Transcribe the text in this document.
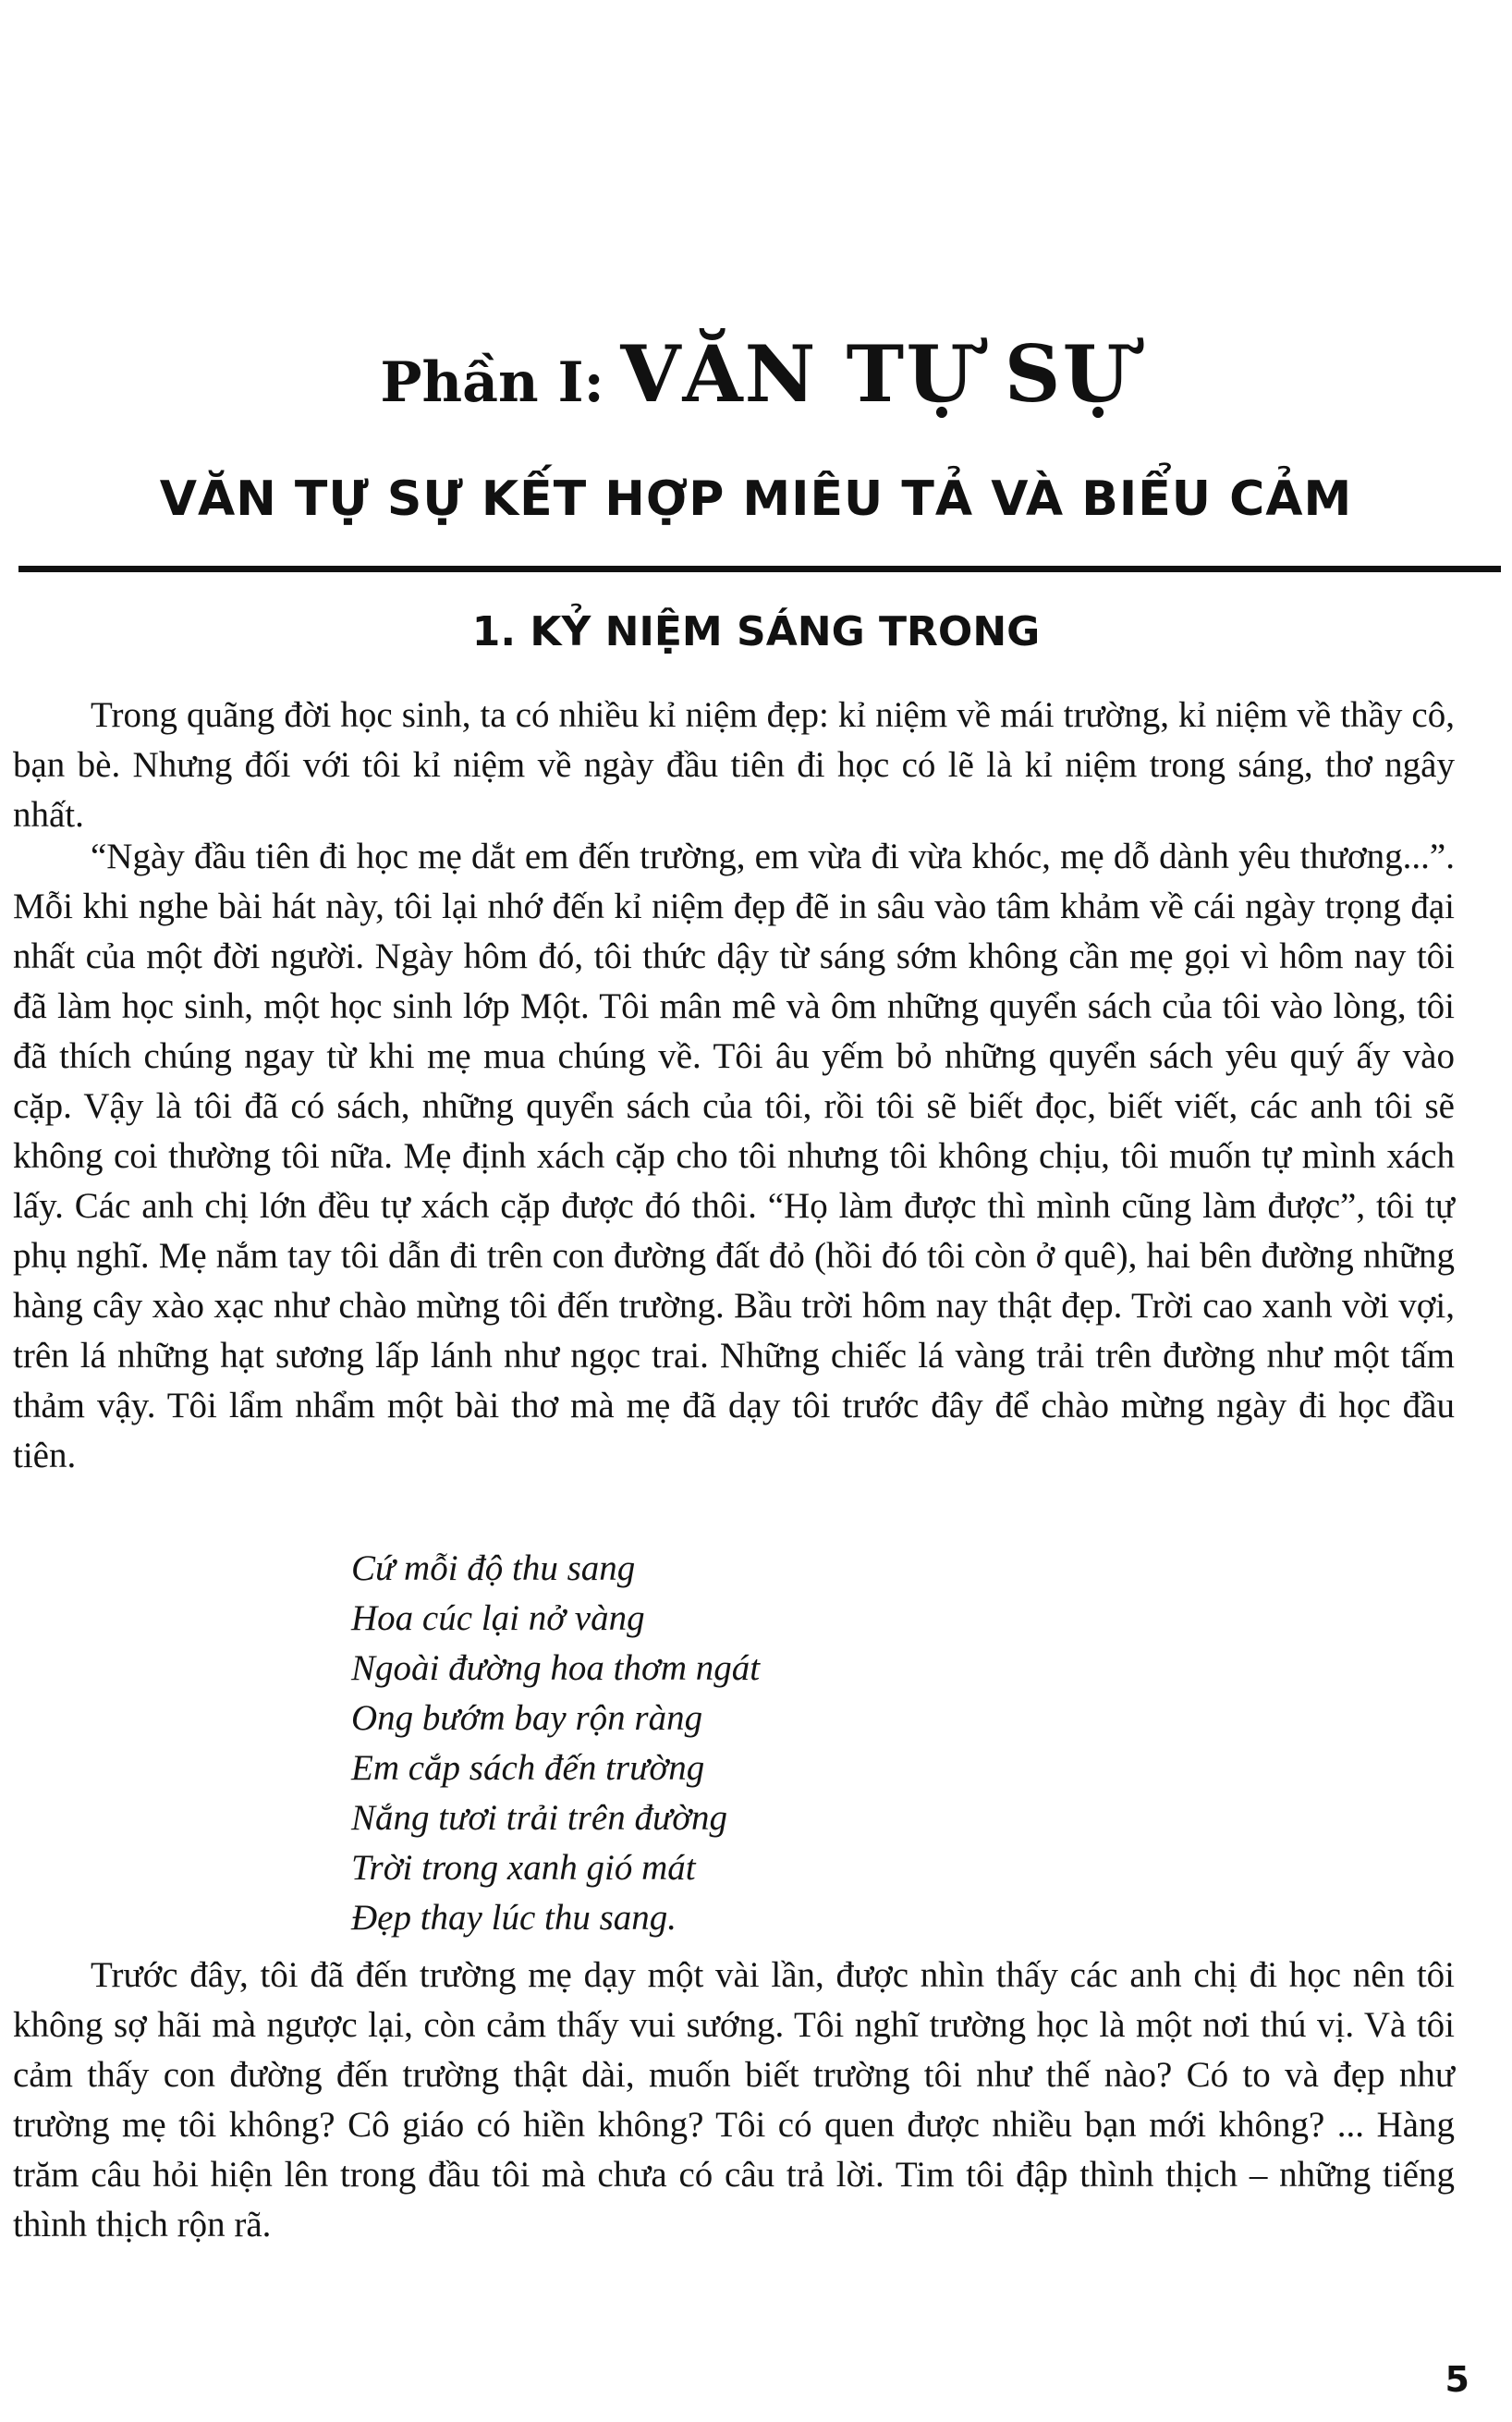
Phần I: VĂN TỰ SỰ
VĂN TỰ SỰ KẾT HỢP MIÊU TẢ VÀ BIỂU CẢM
1. KỶ NIỆM SÁNG TRONG

Trong quãng đời học sinh, ta có nhiều kỉ niệm đẹp: kỉ niệm về mái trường, kỉ niệm về thầy cô, bạn bè. Nhưng đối với tôi kỉ niệm về ngày đầu tiên đi học có lẽ là kỉ niệm trong sáng, thơ ngây nhất.

“Ngày đầu tiên đi học mẹ dắt em đến trường, em vừa đi vừa khóc, mẹ dỗ dành yêu thương...”. Mỗi khi nghe bài hát này, tôi lại nhớ đến kỉ niệm đẹp đẽ in sâu vào tâm khảm về cái ngày trọng đại nhất của một đời người. Ngày hôm đó, tôi thức dậy từ sáng sớm không cần mẹ gọi vì hôm nay tôi đã làm học sinh, một học sinh lớp Một. Tôi mân mê và ôm những quyển sách của tôi vào lòng, tôi đã thích chúng ngay từ khi mẹ mua chúng về. Tôi âu yếm bỏ những quyển sách yêu quý ấy vào cặp. Vậy là tôi đã có sách, những quyển sách của tôi, rồi tôi sẽ biết đọc, biết viết, các anh tôi sẽ không coi thường tôi nữa. Mẹ định xách cặp cho tôi nhưng tôi không chịu, tôi muốn tự mình xách lấy. Các anh chị lớn đều tự xách cặp được đó thôi. “Họ làm được thì mình cũng làm được”, tôi tự phụ nghĩ. Mẹ nắm tay tôi dẫn đi trên con đường đất đỏ (hồi đó tôi còn ở quê), hai bên đường những hàng cây xào xạc như chào mừng tôi đến trường. Bầu trời hôm nay thật đẹp. Trời cao xanh vời vợi, trên lá những hạt sương lấp lánh như ngọc trai. Những chiếc lá vàng trải trên đường như một tấm thảm vậy. Tôi lẩm nhẩm một bài thơ mà mẹ đã dạy tôi trước đây để chào mừng ngày đi học đầu tiên.

Cứ mỗi độ thu sang
Hoa cúc lại nở vàng
Ngoài đường hoa thơm ngát
Ong bướm bay rộn ràng
Em cắp sách đến trường
Nắng tươi trải trên đường
Trời trong xanh gió mát
Đẹp thay lúc thu sang.

Trước đây, tôi đã đến trường mẹ dạy một vài lần, được nhìn thấy các anh chị đi học nên tôi không sợ hãi mà ngược lại, còn cảm thấy vui sướng. Tôi nghĩ trường học là một nơi thú vị. Và tôi cảm thấy con đường đến trường thật dài, muốn biết trường tôi như thế nào? Có to và đẹp như trường mẹ tôi không? Cô giáo có hiền không? Tôi có quen được nhiều bạn mới không? ... Hàng trăm câu hỏi hiện lên trong đầu tôi mà chưa có câu trả lời. Tim tôi đập thình thịch – những tiếng thình thịch rộn rã.

5
